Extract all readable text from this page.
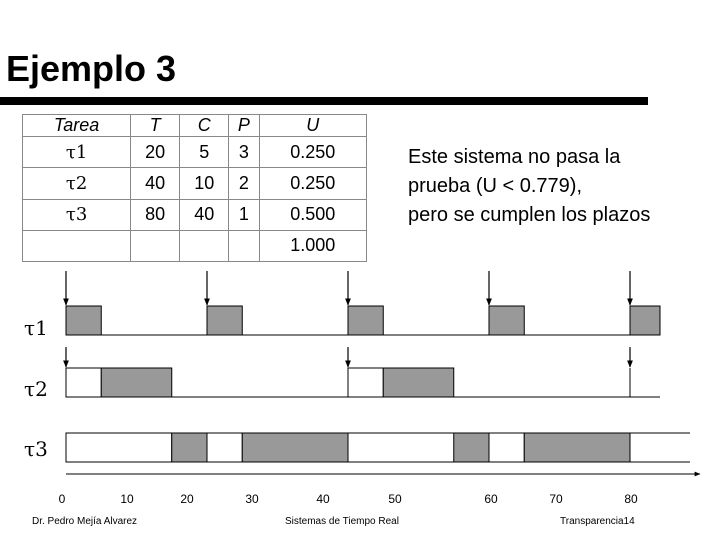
Ejemplo 3
Tarea	T	C	P	U
τ1	20	5	3	0.250
τ2	40	10	2	0.250
τ3	80	40	1	0.500
				1.000
Este sistema no pasa la
prueba (U < 0.779),
pero se cumplen los plazos
τ1
τ2
τ3
0	10	20	30	40	50	60	70	80
Dr. Pedro Mejía Alvarez	Sistemas de Tiempo Real	Transparencia14
